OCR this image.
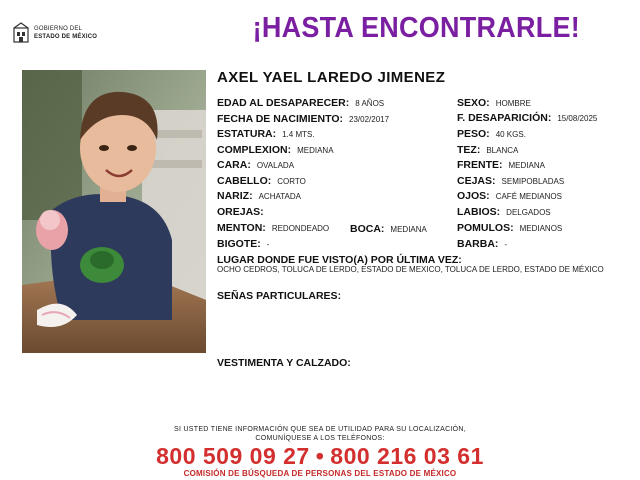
GOBIERNO DEL
ESTADO DE MÉXICO	¡HASTA ENCONTRARLE!
AXEL YAEL LAREDO JIMENEZ
EDAD AL DESAPARECER: 8 AÑOS
FECHA DE NACIMIENTO: 23/02/2017
ESTATURA: 1.4 MTS.
COMPLEXION: MEDIANA
CARA: OVALADA
CABELLO: CORTO
NARIZ: ACHATADA
OREJAS:
MENTON: REDONDEADO BOCA: MEDIANA
BIGOTE: -
SEXO: HOMBRE
F. DESAPARICIÓN: 15/08/2025
PESO: 40 KGS.
TEZ: BLANCA
FRENTE: MEDIANA
CEJAS: SEMIPOBLADAS
OJOS: CAFÉ MEDIANOS
LABIOS: DELGADOS
POMULOS: MEDIANOS
BARBA: -
LUGAR DONDE FUE VISTO(A) POR ÚLTIMA VEZ:
OCHO CEDROS, TOLUCA DE LERDO, ESTADO DE MEXICO, TOLUCA DE LERDO, ESTADO DE MÉXICO
SEÑAS PARTICULARES:
VESTIMENTA Y CALZADO:
SI USTED TIENE INFORMACIÓN QUE SEA DE UTILIDAD PARA SU LOCALIZACIÓN,
COMUNÍQUESE A LOS TELÉFONOS:
800 509 09 27 • 800 216 03 61
COMISIÓN DE BÚSQUEDA DE PERSONAS DEL ESTADO DE MÉXICO
